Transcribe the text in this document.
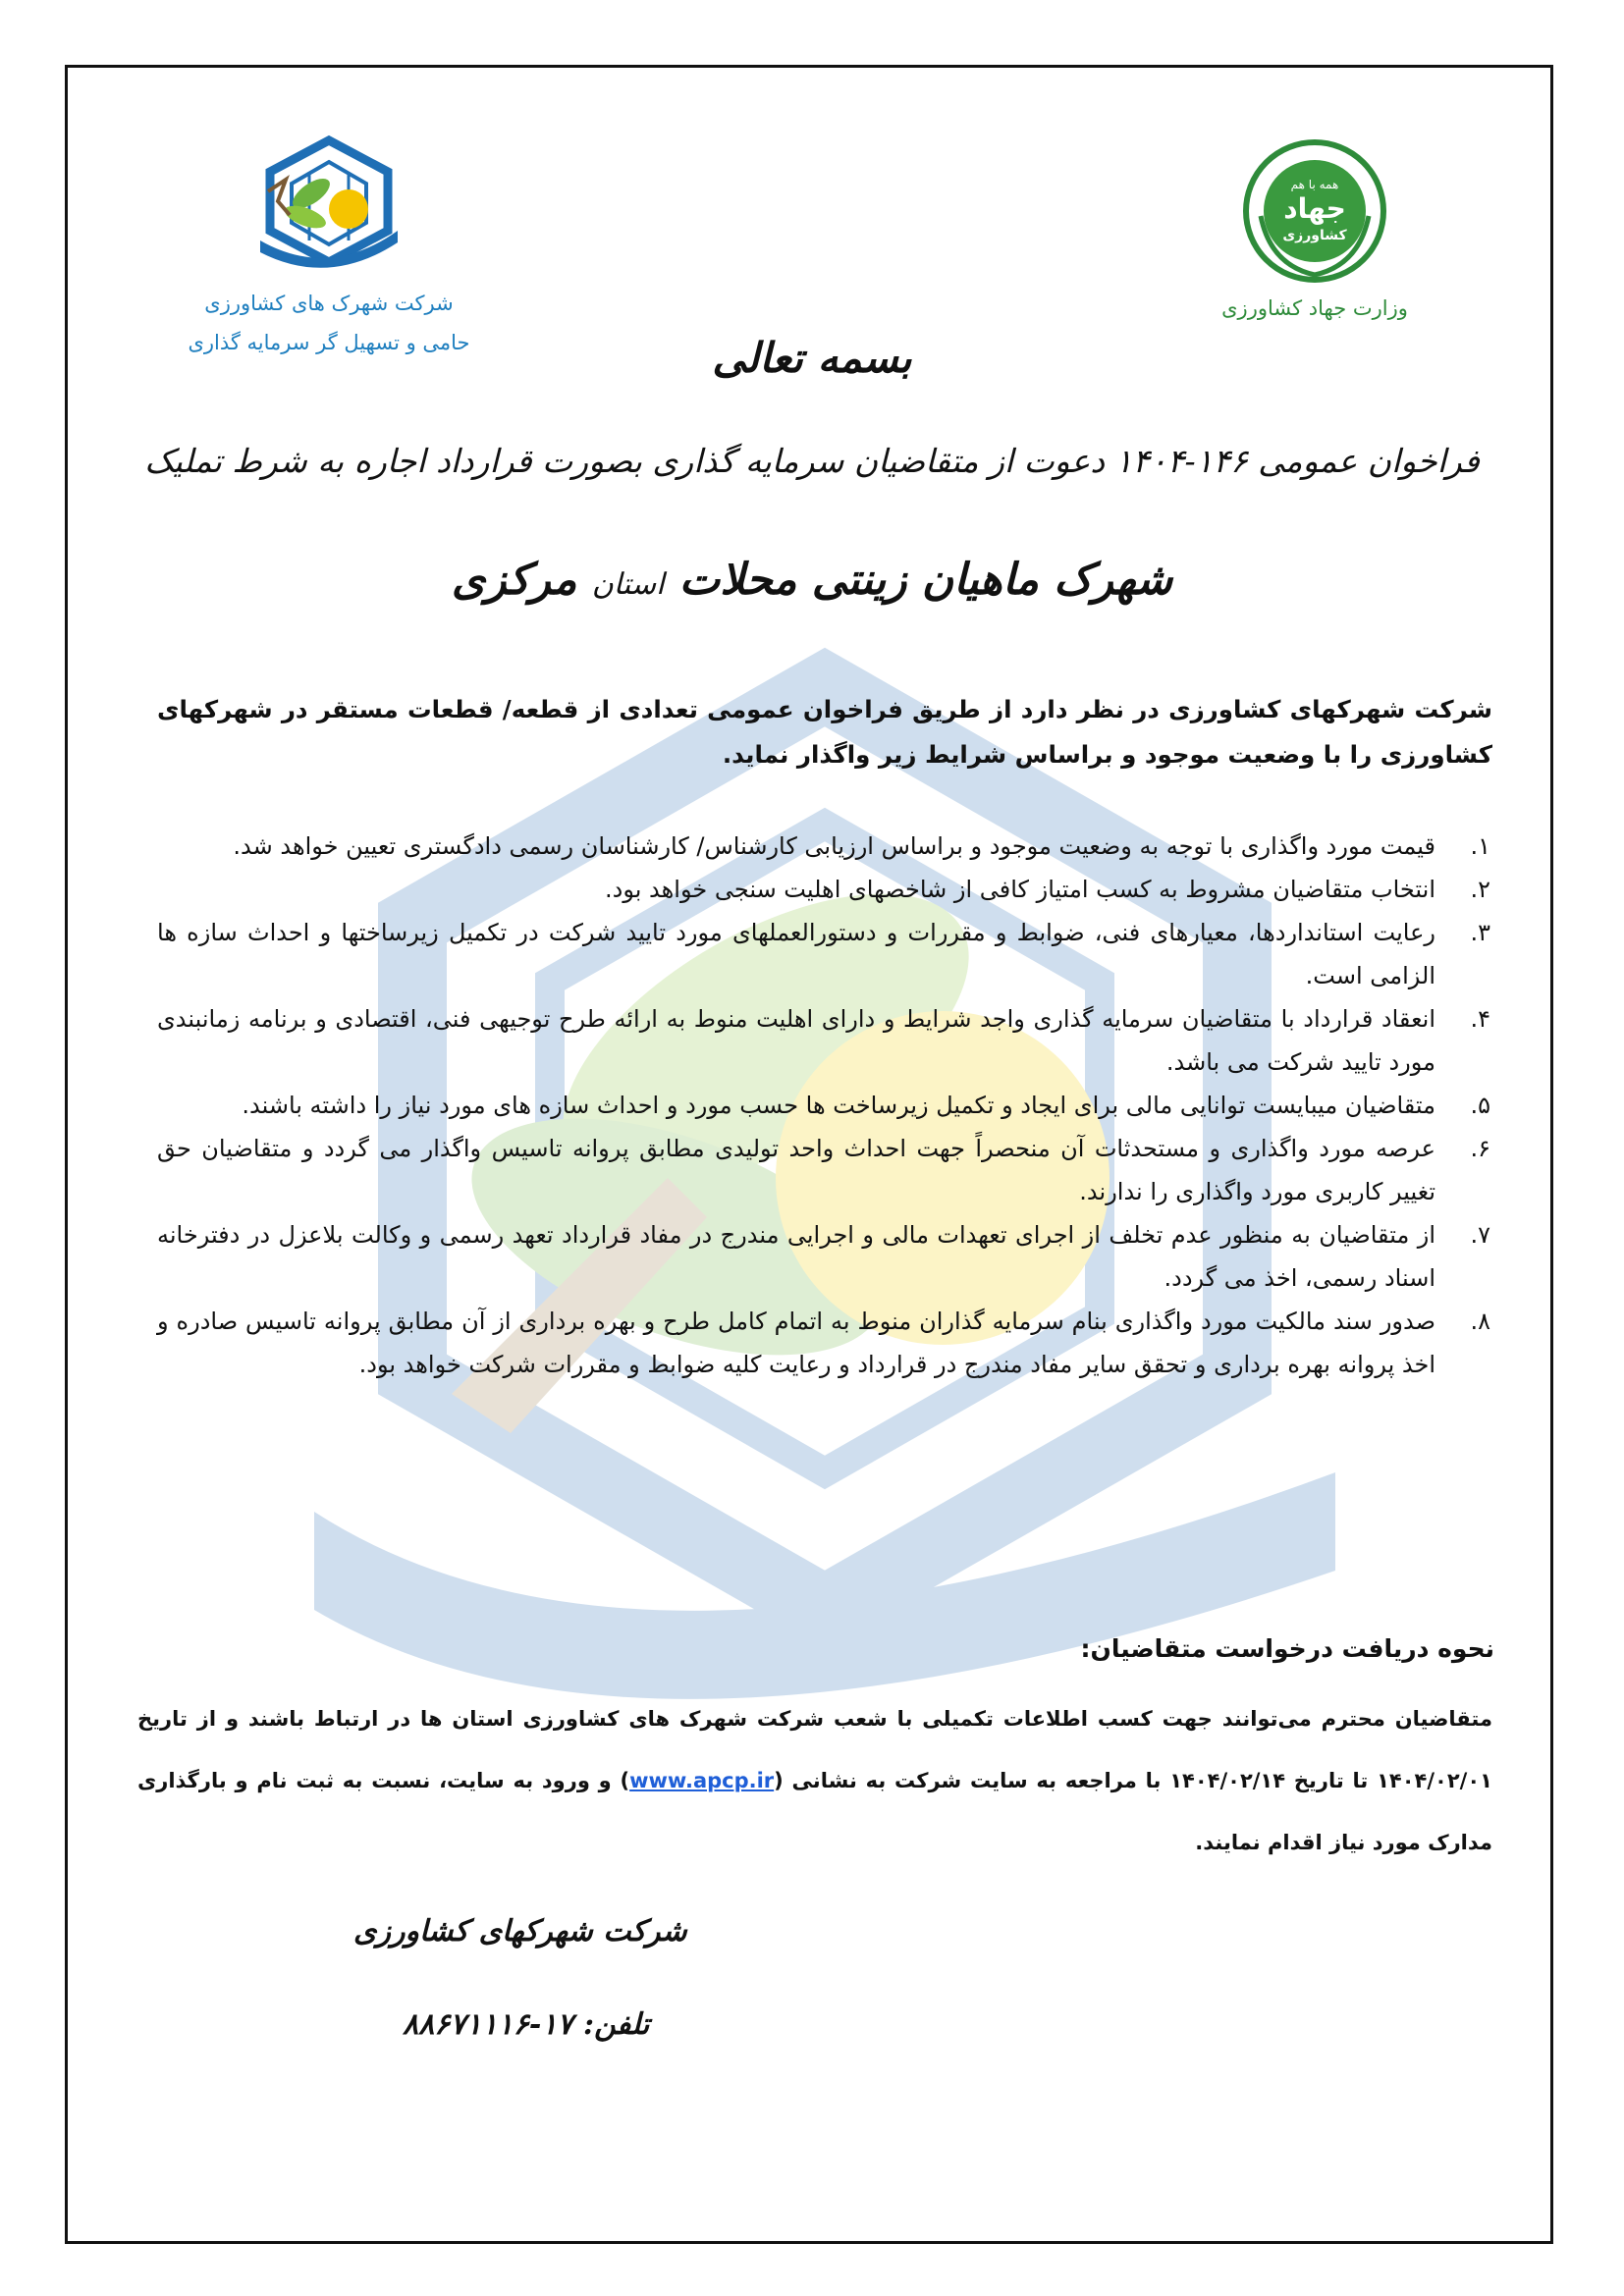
شرکت شهرک های کشاورزی
حامی و تسهیل گر سرمایه گذاری
همه با هم
جهاد
کشاورزی
وزارت جهاد کشاورزی
بسمه تعالی
فراخوان عمومی ۱۴۶-۱۴۰۴ دعوت از متقاضیان سرمایه گذاری بصورت قرارداد اجاره به شرط تملیک
شهرک ماهیان زینتی محلات استان مرکزی
شرکت شهرکهای کشاورزی در نظر دارد از طریق فراخوان عمومی تعدادی از قطعه/ قطعات مستقر در شهرکهای کشاورزی را با وضعیت موجود و براساس شرایط زیر واگذار نماید.
۱.
قیمت مورد واگذاری با توجه به وضعیت موجود و براساس ارزیابی کارشناس/ کارشناسان رسمی دادگستری تعیین خواهد شد.
۲.
انتخاب متقاضیان مشروط به کسب امتیاز کافی از شاخصهای اهلیت سنجی خواهد بود.
۳.
رعایت استانداردها، معیارهای فنی، ضوابط و مقررات و دستورالعملهای مورد تایید شرکت در تکمیل زیرساختها و احداث سازه ها الزامی است.
۴.
انعقاد قرارداد با متقاضیان سرمایه گذاری واجد شرایط و دارای اهلیت منوط به ارائه طرح توجیهی فنی، اقتصادی و برنامه زمانبندی مورد تایید شرکت می باشد.
۵.
متقاضیان میبایست توانایی مالی برای ایجاد و تکمیل زیرساخت ها حسب مورد و احداث سازه های مورد نیاز را داشته باشند.
۶.
عرصه مورد واگذاری و مستحدثات آن منحصراً جهت احداث واحد تولیدی مطابق پروانه تاسیس واگذار می گردد و متقاضیان حق تغییر کاربری مورد واگذاری را ندارند.
۷.
از متقاضیان به منظور عدم تخلف از اجرای تعهدات مالی و اجرایی مندرج در مفاد قرارداد تعهد رسمی و وکالت بلاعزل در دفترخانه اسناد رسمی، اخذ می گردد.
۸.
صدور سند مالکیت مورد واگذاری بنام سرمایه گذاران منوط به اتمام کامل طرح و بهره برداری از آن مطابق پروانه تاسیس صادره و اخذ پروانه بهره برداری و تحقق سایر مفاد مندرج در قرارداد و رعایت کلیه ضوابط و مقررات شرکت خواهد بود.
نحوه دریافت درخواست متقاضیان:
متقاضیان محترم می‌توانند جهت کسب اطلاعات تکمیلی با شعب شرکت شهرک های کشاورزی استان ها در ارتباط باشند و از تاریخ ۱۴۰۴/۰۲/۰۱ تا تاریخ ۱۴۰۴/۰۲/۱۴ با مراجعه به سایت شرکت به نشانی (www.apcp.ir) و ورود به سایت، نسبت به ثبت نام و بارگذاری مدارک مورد نیاز اقدام نمایند.
شرکت شهرکهای کشاورزی
تلفن: ۱۷-۸۸۶۷۱۱۱۶
